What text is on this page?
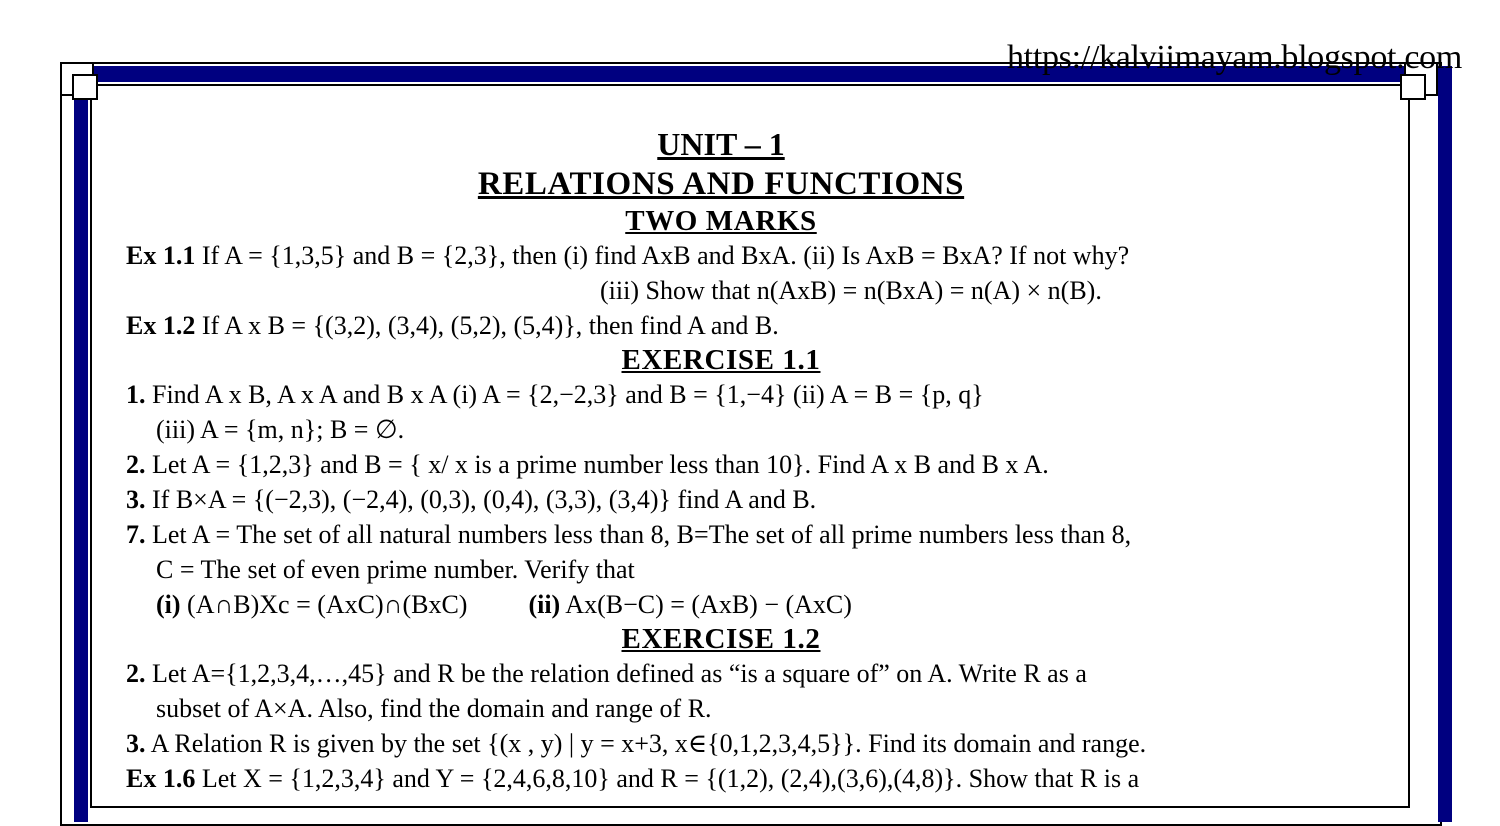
https://kalviimayam.blogspot.com
UNIT – 1
RELATIONS AND FUNCTIONS
TWO MARKS
Ex 1.1 If A = {1,3,5} and B = {2,3}, then (i) find AxB and BxA. (ii) Is AxB = BxA? If not why?
(iii) Show that n(AxB) = n(BxA) = n(A) × n(B).
Ex 1.2 If A x B = {(3,2), (3,4), (5,2), (5,4)}, then find A and B.
EXERCISE 1.1
1. Find A x B, A x A and B x A (i) A = {2,−2,3} and B = {1,−4} (ii) A = B = {p, q}
(iii) A = {m, n}; B = ∅.
2. Let A = {1,2,3} and B = { x/ x is a prime number less than 10}. Find A x B and B x A.
3. If B×A = {(−2,3), (−2,4), (0,3), (0,4), (3,3), (3,4)} find A and B.
7. Let A = The set of all natural numbers less than 8, B=The set of all prime numbers less than 8,
C = The set of even prime number. Verify that
(i) (A∩B)Xc = (AxC)∩(BxC) (ii) Ax(B−C) = (AxB) − (AxC)
EXERCISE 1.2
2. Let A={1,2,3,4,…,45} and R be the relation defined as “is a square of” on A. Write R as a
subset of A×A. Also, find the domain and range of R.
3. A Relation R is given by the set {(x , y) | y = x+3, x∈{0,1,2,3,4,5}}. Find its domain and range.
Ex 1.6 Let X = {1,2,3,4} and Y = {2,4,6,8,10} and R = {(1,2), (2,4),(3,6),(4,8)}. Show that R is a
